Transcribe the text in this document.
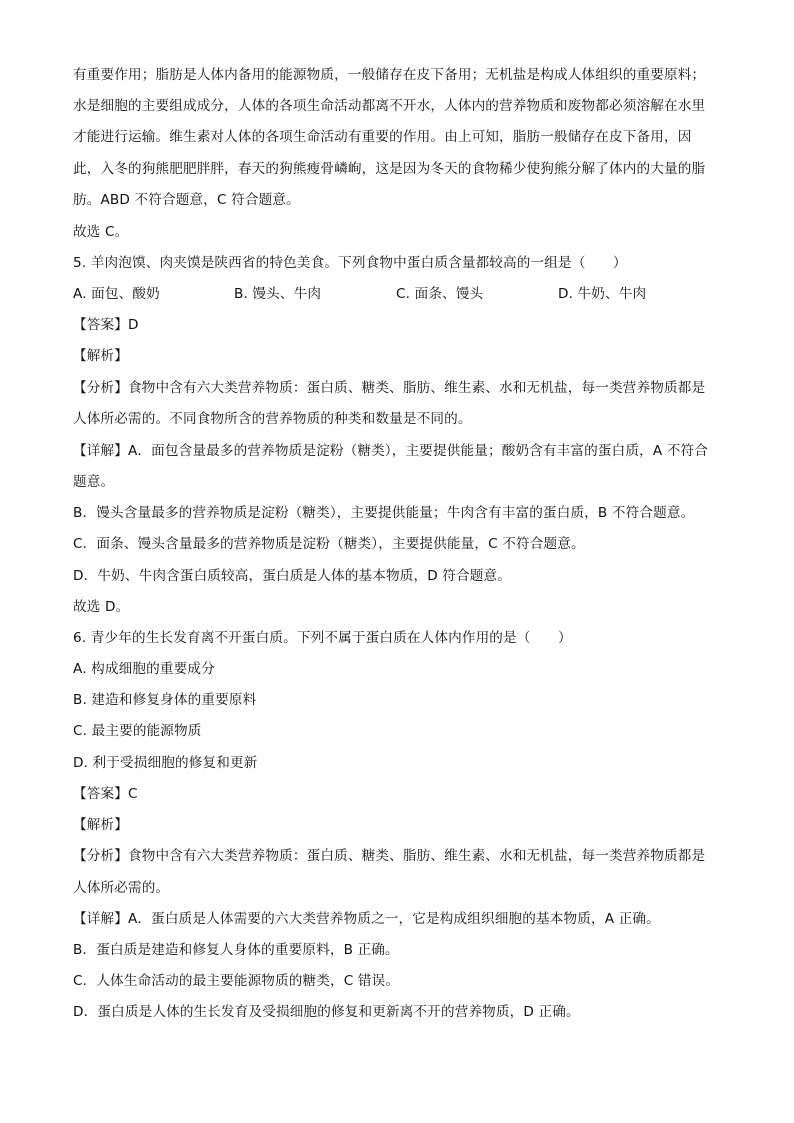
有重要作用；脂肪是人体内备用的能源物质，一般储存在皮下备用；无机盐是构成人体组织的重要原料；
水是细胞的主要组成成分，人体的各项生命活动都离不开水，人体内的营养物质和废物都必须溶解在水里
才能进行运输。维生素对人体的各项生命活动有重要的作用。由上可知，脂肪一般储存在皮下备用，因
此，入冬的狗熊肥肥胖胖，春天的狗熊瘦骨嶙峋，这是因为冬天的食物稀少使狗熊分解了体内的大量的脂
肪。ABD 不符合题意，C 符合题意。
故选 C。
5. 羊肉泡馍、肉夹馍是陕西省的特色美食。下列食物中蛋白质含量都较高的一组是（　　）
A. 面包、酸奶	B. 馒头、牛肉	C. 面条、馒头	D. 牛奶、牛肉
【答案】D
【解析】
【分析】食物中含有六大类营养物质：蛋白质、糖类、脂肪、维生素、水和无机盐，每一类营养物质都是
人体所必需的。不同食物所含的营养物质的种类和数量是不同的。
【详解】A．面包含量最多的营养物质是淀粉（糖类），主要提供能量；酸奶含有丰富的蛋白质，A 不符合
题意。
B．馒头含量最多的营养物质是淀粉（糖类），主要提供能量；牛肉含有丰富的蛋白质，B 不符合题意。
C．面条、馒头含量最多的营养物质是淀粉（糖类），主要提供能量，C 不符合题意。
D．牛奶、牛肉含蛋白质较高，蛋白质是人体的基本物质，D 符合题意。
故选 D。
6. 青少年的生长发育离不开蛋白质。下列不属于蛋白质在人体内作用的是（　　）
A. 构成细胞的重要成分
B. 建造和修复身体的重要原料
C. 最主要的能源物质
D. 利于受损细胞的修复和更新
【答案】C
【解析】
【分析】食物中含有六大类营养物质：蛋白质、糖类、脂肪、维生素、水和无机盐，每一类营养物质都是
人体所必需的。
【详解】A．蛋白质是人体需要的六大类营养物质之一，它是构成组织细胞的基本物质，A 正确。
B．蛋白质是建造和修复人身体的重要原料，B 正确。
C．人体生命活动的最主要能源物质的糖类，C 错误。
D．蛋白质是人体的生长发育及受损细胞的修复和更新离不开的营养物质，D 正确。
